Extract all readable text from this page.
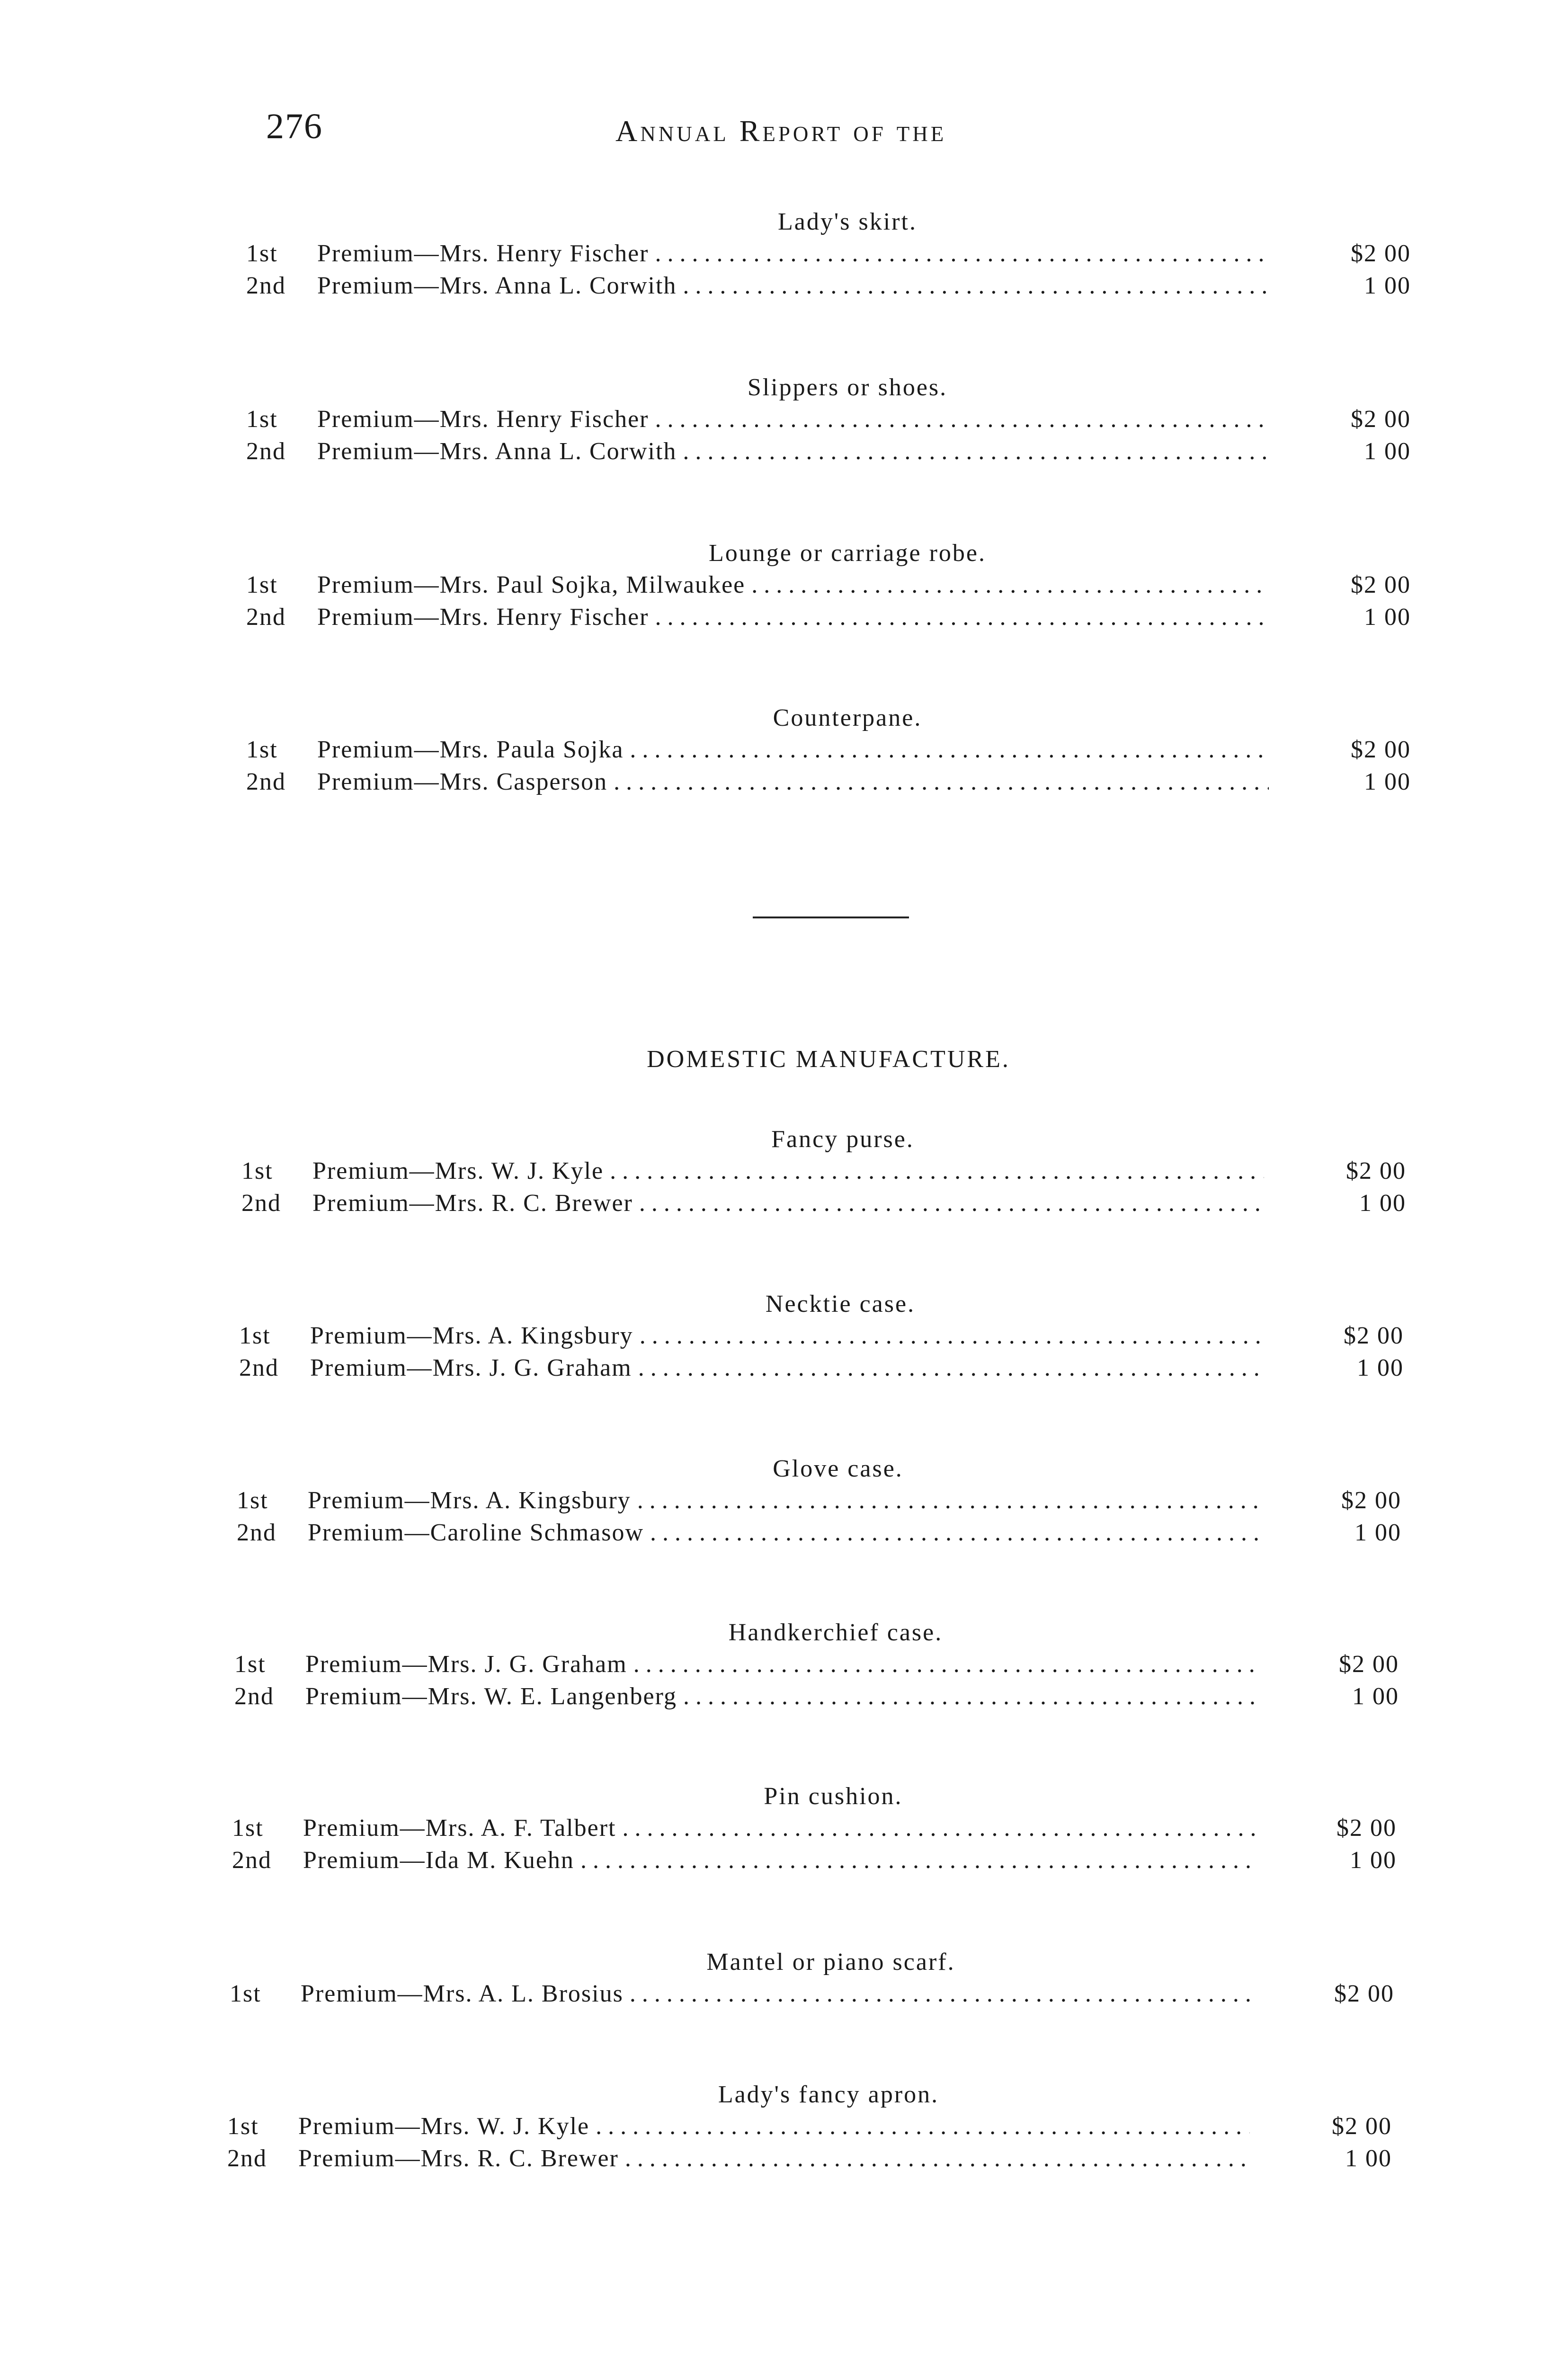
276	Annual Report of the
Lady's skirt.
1st	Premium—Mrs. Henry Fischer . . .	$2 00
2nd	Premium—Mrs. Anna L. Corwith . . .	1 00
Slippers or shoes.
1st	Premium—Mrs. Henry Fischer . . .	$2 00
2nd	Premium—Mrs. Anna L. Corwith . . .	1 00
Lounge or carriage robe.
1st	Premium—Mrs. Paul Sojka, Milwaukee . . .	$2 00
2nd	Premium—Mrs. Henry Fischer . . .	1 00
Counterpane.
1st	Premium—Mrs. Paula Sojka . . .	$2 00
2nd	Premium—Mrs. Casperson . . .	1 00
DOMESTIC MANUFACTURE.
Fancy purse.
1st	Premium—Mrs. W. J. Kyle . . .	$2 00
2nd	Premium—Mrs. R. C. Brewer . . .	1 00
Necktie case.
1st	Premium—Mrs. A. Kingsbury . . .	$2 00
2nd	Premium—Mrs. J. G. Graham . . .	1 00
Glove case.
1st	Premium—Mrs. A. Kingsbury . . .	$2 00
2nd	Premium—Caroline Schmasow . . .	1 00
Handkerchief case.
1st	Premium—Mrs. J. G. Graham . . .	$2 00
2nd	Premium—Mrs. W. E. Langenberg . . .	1 00
Pin cushion.
1st	Premium—Mrs. A. F. Talbert . . .	$2 00
2nd	Premium—Ida M. Kuehn . . .	1 00
Mantel or piano scarf.
1st	Premium—Mrs. A. L. Brosius . . .	$2 00
Lady's fancy apron.
1st	Premium—Mrs. W. J. Kyle . . .	$2 00
2nd	Premium—Mrs. R. C. Brewer . . .	1 00
